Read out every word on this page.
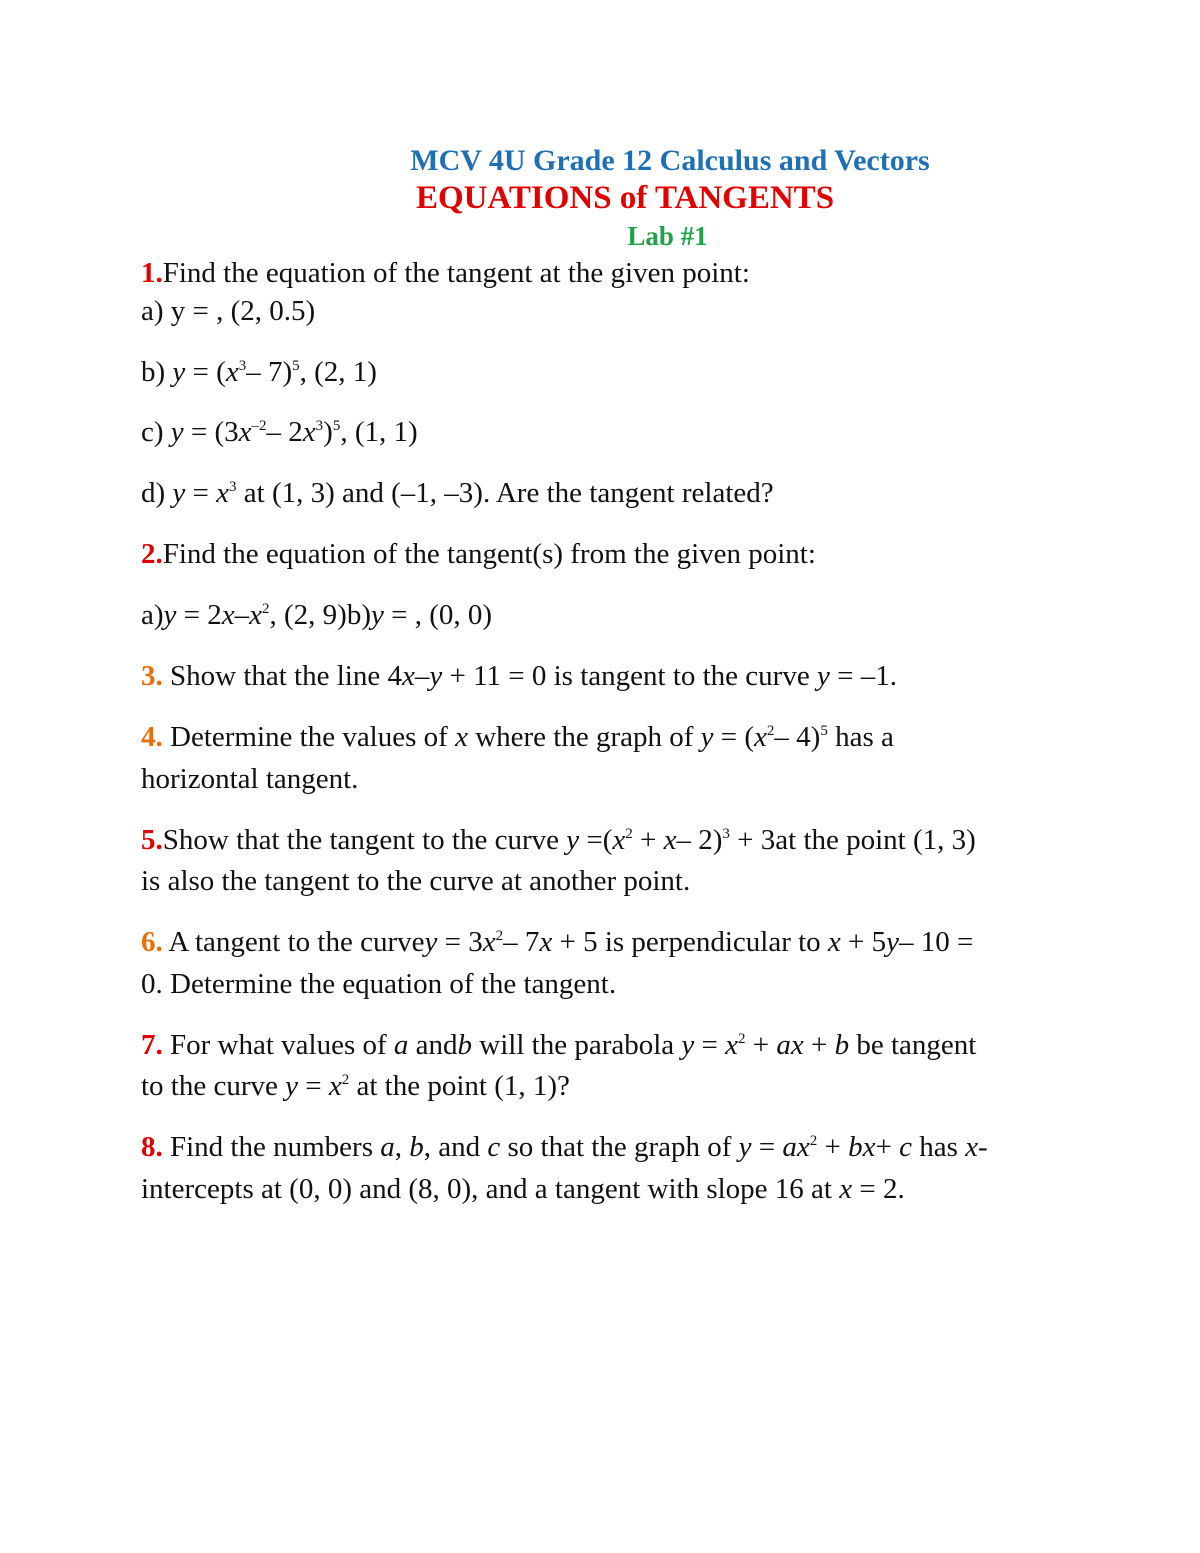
MCV 4U Grade 12 Calculus and Vectors
EQUATIONS of TANGENTS
Lab #1
1.Find the equation of the tangent at the given point:
a) y = , (2, 0.5)
b) $y = (x^3-$ 7)$^5$, (2, 1)
c) $y = (3x^{-2}-$ $2x^3)^5$, (1, 1)
d) $y = x^3$ at (1, 3) and (–1, –3). Are the tangent related?
2.Find the equation of the tangent(s) from the given point:
$a)y = 2x-x^2$, (2, 9)b)y = , (0, 0)
3. Show that the line 4x–y + 11 = 0 is tangent to the curve y = –1.
4. Determine the values of x where the graph of $y = (x^2-$ 4)$^5$ has a
horizontal tangent.
5.Show that the tangent to the curve $y =(x^2 + x-$ 2)$^3$ + 3at the point (1, 3)
is also the tangent to the curve at another point.
6. A tangent to the curvey = $3x^2-$ 7x + 5 is perpendicular to x + 5y– 10 =
0. Determine the equation of the tangent.
7. For what values of a andb will the parabola $y = x^2$ + ax + b be tangent
to the curve $y = x^2$ at the point (1, 1)?
8. Find the numbers a, b, and c so that the graph of $y = ax^2 + bx+ c$ has x-
intercepts at (0, 0) and (8, 0), and a tangent with slope 16 at x = 2.
